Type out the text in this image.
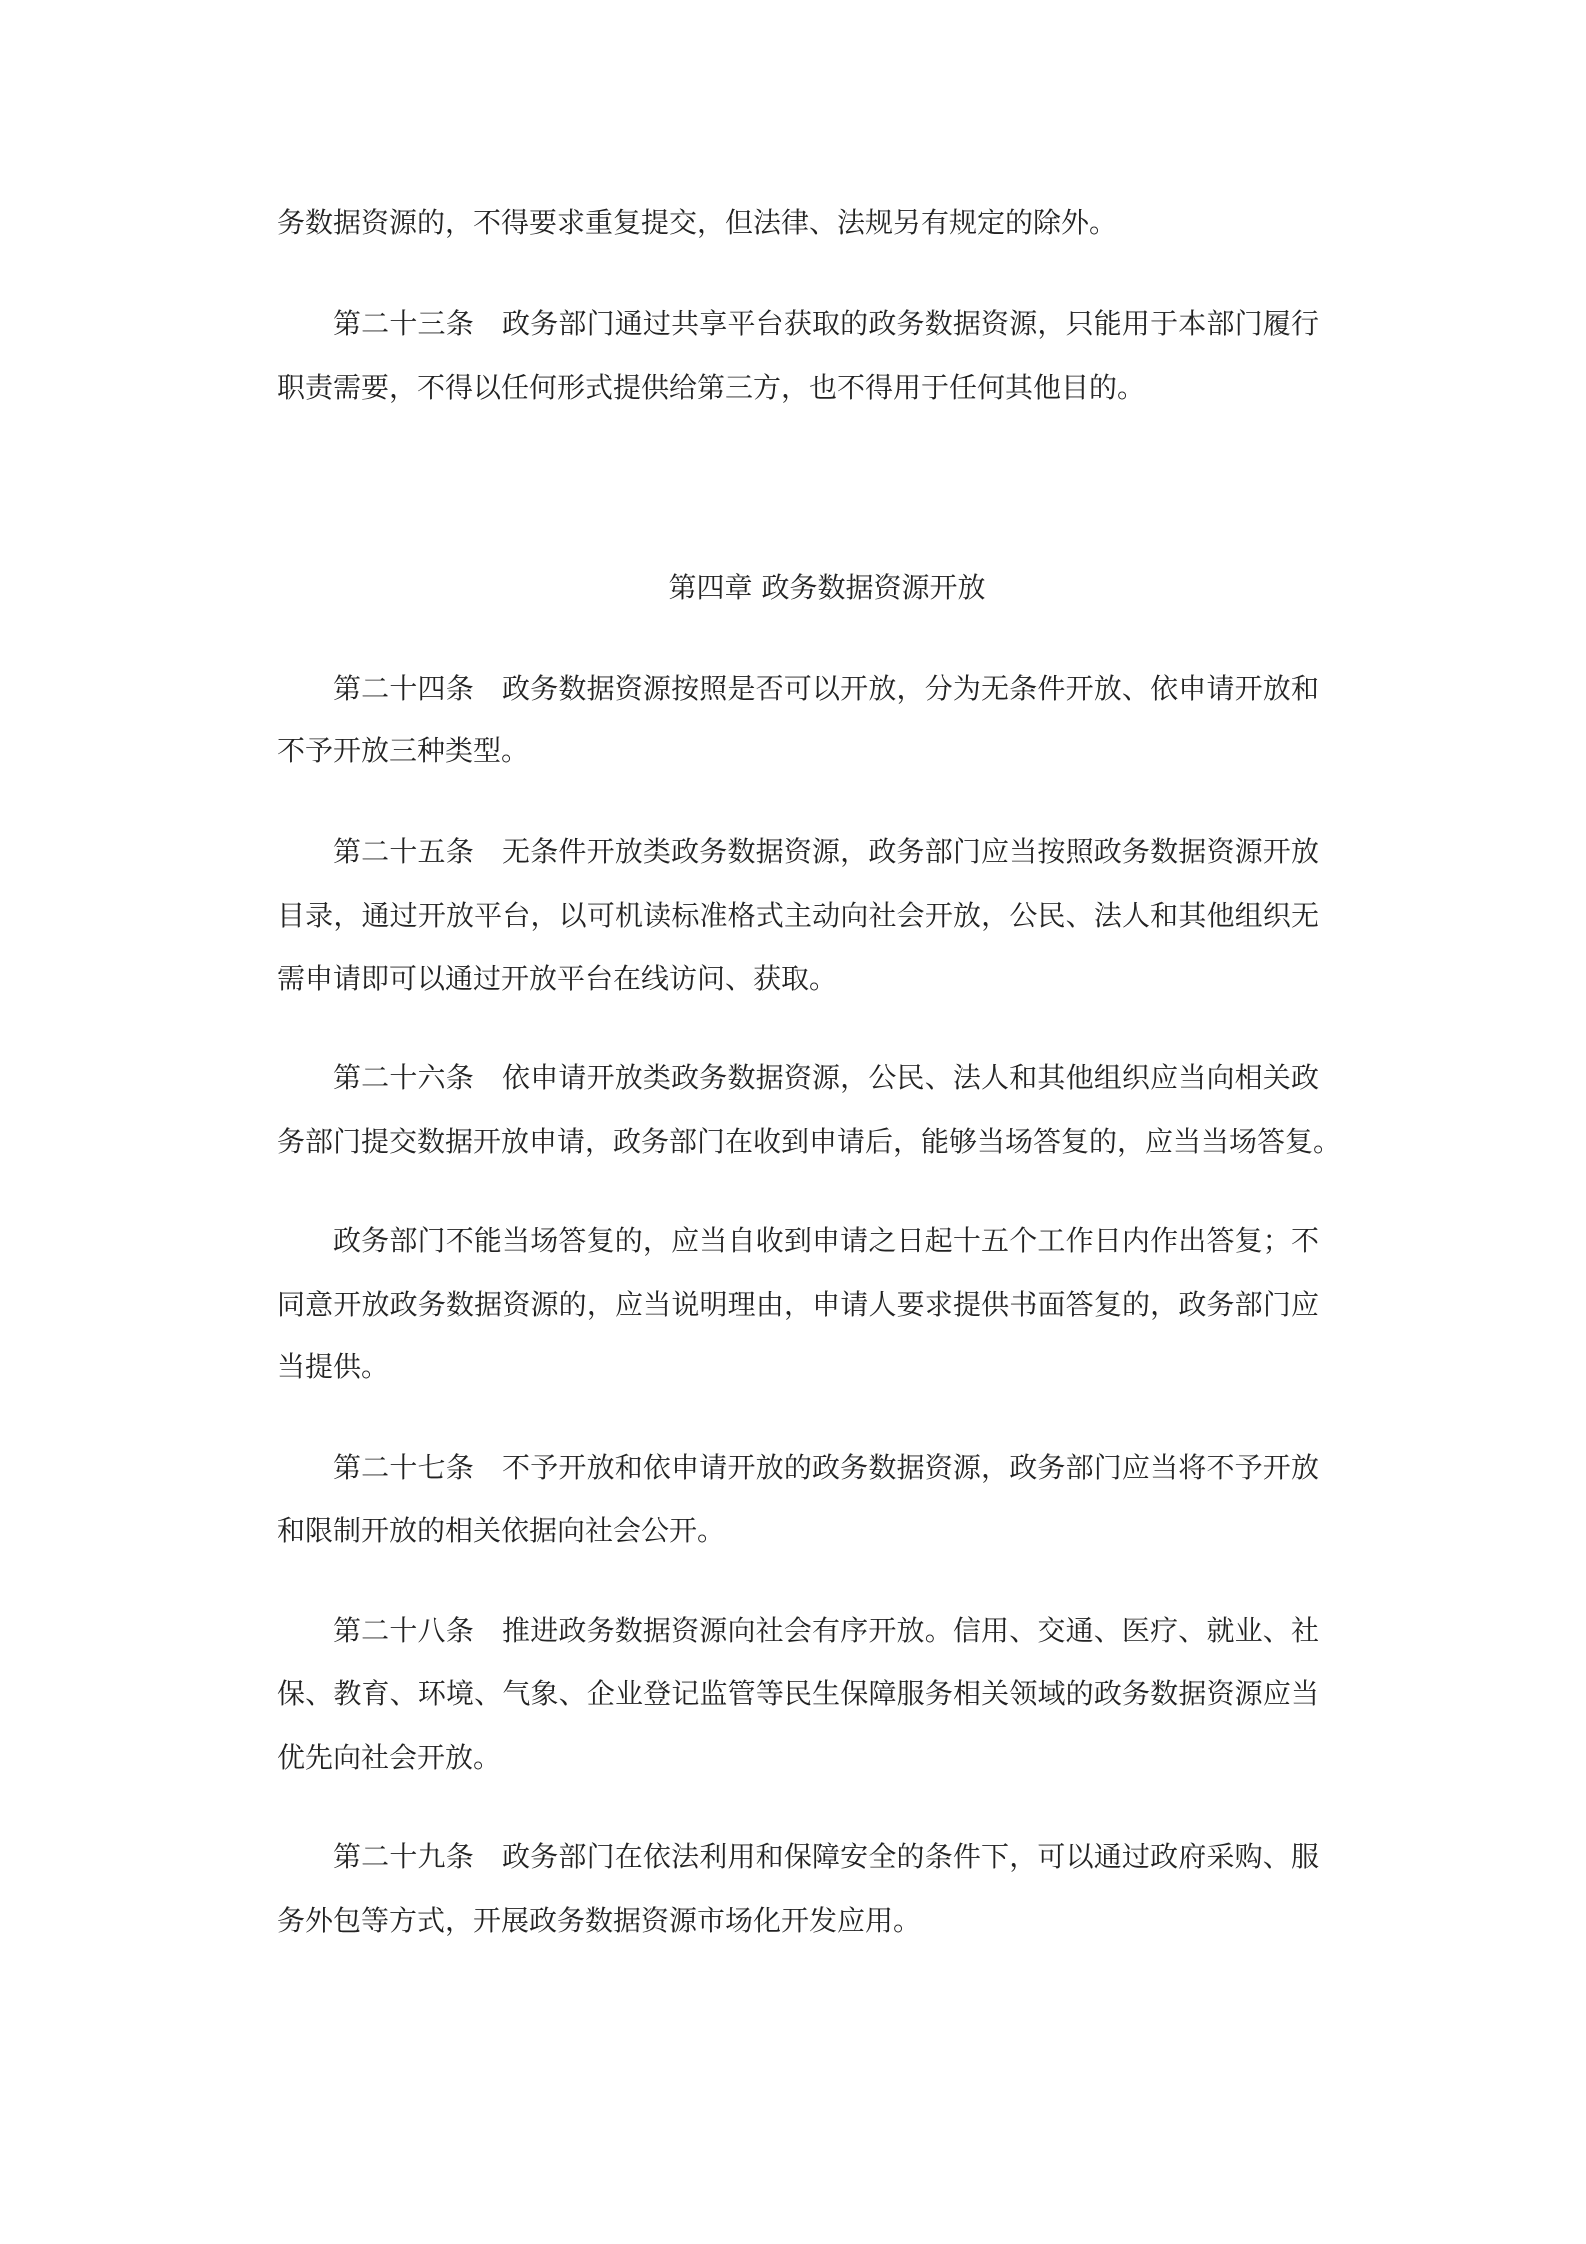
务数据资源的，不得要求重复提交，但法律、法规另有规定的除外。
第二十三条　政务部门通过共享平台获取的政务数据资源，只能用于本部门履行
职责需要，不得以任何形式提供给第三方，也不得用于任何其他目的。
第四章 政务数据资源开放
第二十四条　政务数据资源按照是否可以开放，分为无条件开放、依申请开放和
不予开放三种类型。
第二十五条　无条件开放类政务数据资源，政务部门应当按照政务数据资源开放
目录，通过开放平台，以可机读标准格式主动向社会开放，公民、法人和其他组织无
需申请即可以通过开放平台在线访问、获取。
第二十六条　依申请开放类政务数据资源，公民、法人和其他组织应当向相关政
务部门提交数据开放申请，政务部门在收到申请后，能够当场答复的，应当当场答复。
政务部门不能当场答复的，应当自收到申请之日起十五个工作日内作出答复；不
同意开放政务数据资源的，应当说明理由，申请人要求提供书面答复的，政务部门应
当提供。
第二十七条　不予开放和依申请开放的政务数据资源，政务部门应当将不予开放
和限制开放的相关依据向社会公开。
第二十八条　推进政务数据资源向社会有序开放。信用、交通、医疗、就业、社
保、教育、环境、气象、企业登记监管等民生保障服务相关领域的政务数据资源应当
优先向社会开放。
第二十九条　政务部门在依法利用和保障安全的条件下，可以通过政府采购、服
务外包等方式，开展政务数据资源市场化开发应用。
